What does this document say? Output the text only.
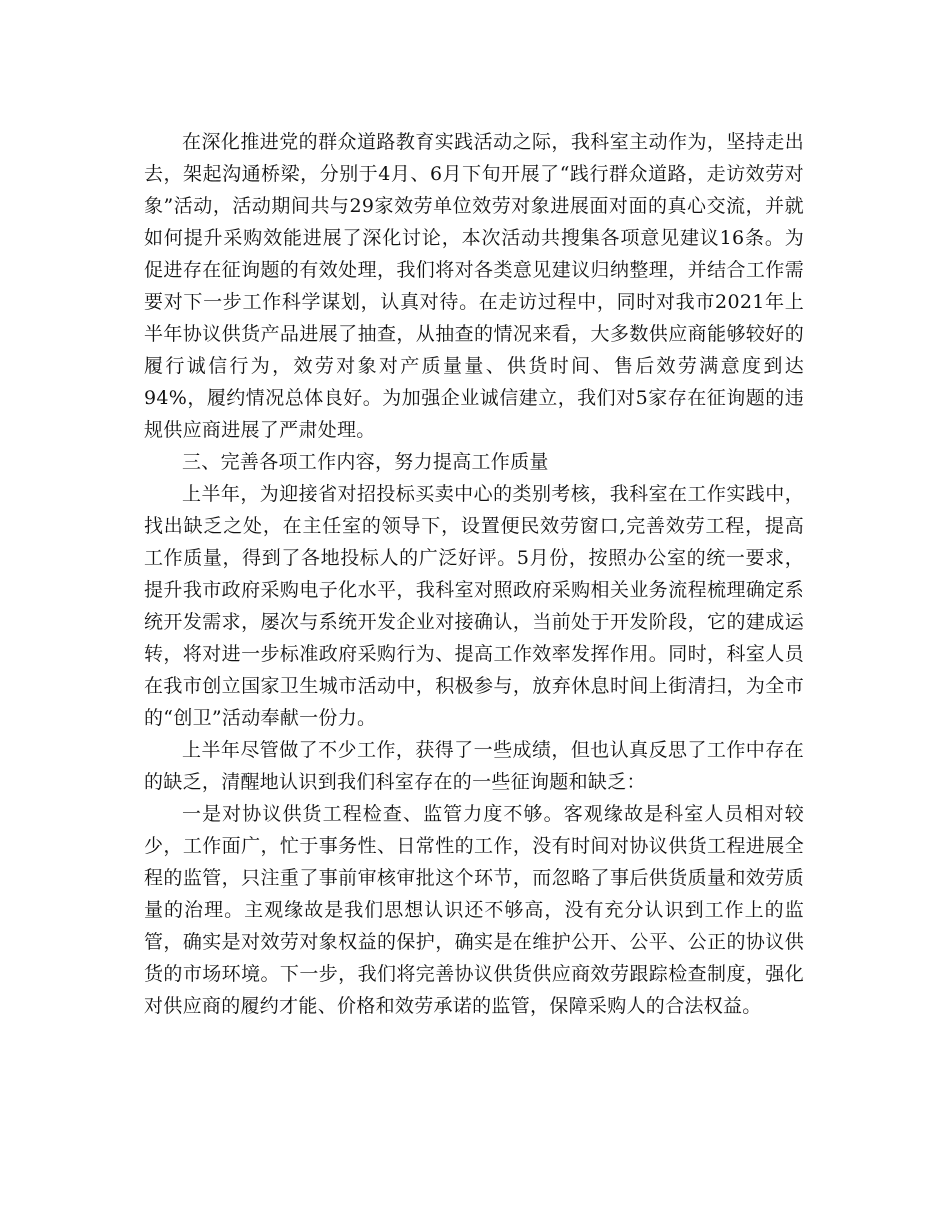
在深化推进党的群众道路教育实践活动之际，我科室主动作为，坚持走出去，架起沟通桥梁，分别于4月、6月下旬开展了“践行群众道路，走访效劳对象”活动，活动期间共与29家效劳单位效劳对象进展面对面的真心交流，并就如何提升采购效能进展了深化讨论，本次活动共搜集各项意见建议16条。为促进存在征询题的有效处理，我们将对各类意见建议归纳整理，并结合工作需要对下一步工作科学谋划，认真对待。在走访过程中，同时对我市2021年上半年协议供货产品进展了抽查，从抽查的情况来看，大多数供应商能够较好的履行诚信行为，效劳对象对产质量量、供货时间、售后效劳满意度到达94%，履约情况总体良好。为加强企业诚信建立，我们对5家存在征询题的违规供应商进展了严肃处理。

三、完善各项工作内容，努力提高工作质量

上半年，为迎接省对招投标买卖中心的类别考核，我科室在工作实践中，找出缺乏之处，在主任室的领导下，设置便民效劳窗口,完善效劳工程，提高工作质量，得到了各地投标人的广泛好评。5月份，按照办公室的统一要求，提升我市政府采购电子化水平，我科室对照政府采购相关业务流程梳理确定系统开发需求，屡次与系统开发企业对接确认，当前处于开发阶段，它的建成运转，将对进一步标准政府采购行为、提高工作效率发挥作用。同时，科室人员在我市创立国家卫生城市活动中，积极参与，放弃休息时间上街清扫，为全市的“创卫”活动奉献一份力。

上半年尽管做了不少工作，获得了一些成绩，但也认真反思了工作中存在的缺乏，清醒地认识到我们科室存在的一些征询题和缺乏：

一是对协议供货工程检查、监管力度不够。客观缘故是科室人员相对较少，工作面广，忙于事务性、日常性的工作，没有时间对协议供货工程进展全程的监管，只注重了事前审核审批这个环节，而忽略了事后供货质量和效劳质量的治理。主观缘故是我们思想认识还不够高，没有充分认识到工作上的监管，确实是对效劳对象权益的保护，确实是在维护公开、公平、公正的协议供货的市场环境。下一步，我们将完善协议供货供应商效劳跟踪检查制度，强化对供应商的履约才能、价格和效劳承诺的监管，保障采购人的合法权益。
